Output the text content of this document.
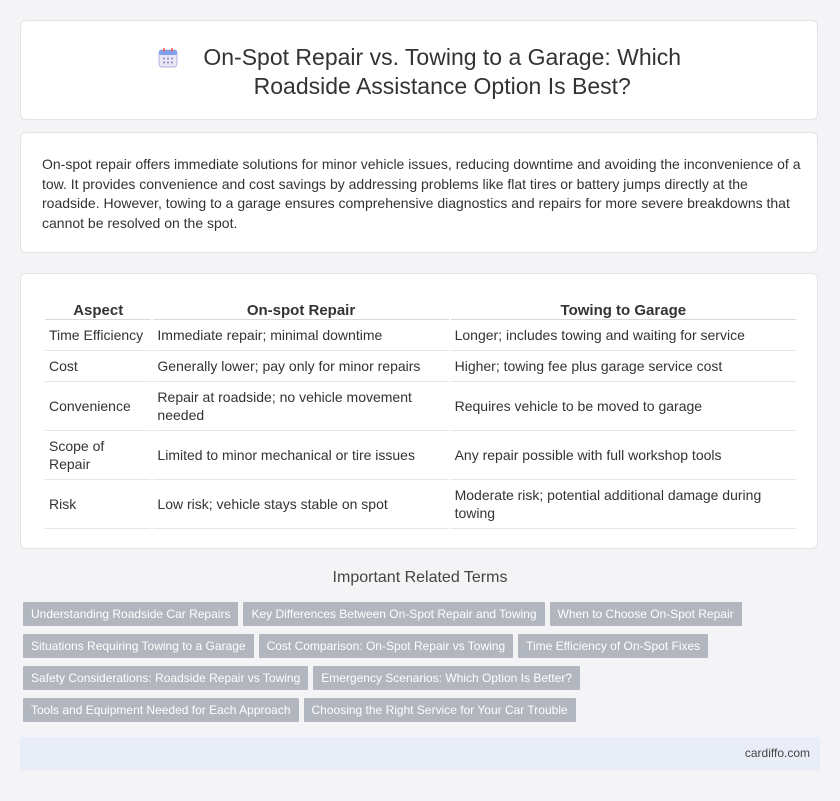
On-Spot Repair vs. Towing to a Garage: Which
Roadside Assistance Option Is Best?

On-spot repair offers immediate solutions for minor vehicle issues, reducing downtime and avoiding the inconvenience of a tow. It provides convenience and cost savings by addressing problems like flat tires or battery jumps directly at the roadside. However, towing to a garage ensures comprehensive diagnostics and repairs for more severe breakdowns that cannot be resolved on the spot.

Aspect	On-spot Repair	Towing to Garage
Time Efficiency	Immediate repair; minimal downtime	Longer; includes towing and waiting for service
Cost	Generally lower; pay only for minor repairs	Higher; towing fee plus garage service cost
Convenience	Repair at roadside; no vehicle movement needed	Requires vehicle to be moved to garage
Scope of Repair	Limited to minor mechanical or tire issues	Any repair possible with full workshop tools
Risk	Low risk; vehicle stays stable on spot	Moderate risk; potential additional damage during towing
Important Related Terms
Understanding Roadside Car Repairs Key Differences Between On-Spot Repair and Towing When to Choose On-Spot Repair
Situations Requiring Towing to a Garage Cost Comparison: On-Spot Repair vs Towing Time Efficiency of On-Spot Fixes
Safety Considerations: Roadside Repair vs Towing Emergency Scenarios: Which Option Is Better?
Tools and Equipment Needed for Each Approach Choosing the Right Service for Your Car Trouble
cardiffo.com
